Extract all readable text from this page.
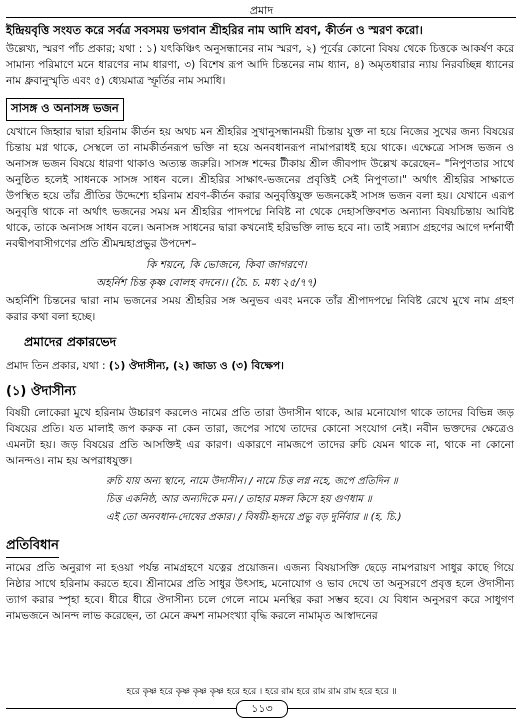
প্রমাদ

ইন্দ্রিয়বৃত্তি সংযত করে সর্বত্র সবসময় ভগবান শ্রীহরির নাম আদি শ্রবণ, কীর্তন ও স্মরণ করো।

উল্লেখ্য, স্মরণ পাঁচ প্রকার; যথা : ১) যৎকিঞ্চিৎ অনুসন্ধানের নাম স্মরণ, ২) পূর্বের কোনো বিষয় থেকে চিত্তকে আকর্ষণ করে সামান্য পরিমাণে মনে ধারণের নাম ধারণা, ৩) বিশেষ রূপ আদি চিন্তনের নাম ধ্যান, ৪) অমৃতধারার ন্যায় নিরবচ্ছিন্ন ধ্যানের নাম ধ্রুবানুস্মৃতি এবং ৫) ধ্যেয়মাত্র স্ফূর্তির নাম সমাধি।

সাসঙ্গ ও অনাসঙ্গ ভজন

যেখানে জিহ্বার দ্বারা হরিনাম কীর্তন হয় অথচ মন শ্রীহরির সুখানুসন্ধানময়ী চিন্তায় যুক্ত না হয়ে নিজের সুখের জন্য বিষয়ের চিন্তায় মগ্ন থাকে, সেস্থলে তা নামকীর্তনরূপ ভক্তি না হয়ে অনবধানরূপ নামাপরাধই হয়ে থাকে। এক্ষেত্রে সাসঙ্গ ভজন ও অনাসঙ্গ ভজন বিষয়ে ধারণা থাকাও অত্যন্ত জরুরি। সাসঙ্গ শব্দের টীকায় শ্রীল জীবপাদ উল্লেখ করেছেন– "নিপুণতার সাথে অনুষ্ঠিত হলেই সাধনকে সাসঙ্গ সাধন বলে। শ্রীহরির সাক্ষাৎ-ভজনের প্রবৃত্তিই সেই নিপুণতা।" অর্থাৎ শ্রীহরির সাক্ষাতে উপস্থিত হয়ে তাঁর প্রীতির উদ্দেশ্যে হরিনাম শ্রবণ-কীর্তন করার অনুবৃত্তিযুক্ত ভজনকেই সাসঙ্গ ভজন বলা হয়। যেখানে এরূপ অনুবৃত্তি থাকে না অর্থাৎ ভজনের সময় মন শ্রীহরির পাদপদ্মে নিবিষ্ট না থেকে দেহাসক্তিবশত অন্যান্য বিষয়চিন্তায় আবিষ্ট থাকে, তাকে অনাসঙ্গ সাধন বলে। অনাসঙ্গ সাধনের দ্বারা কখনোই হরিভক্তি লাভ হবে না। তাই সন্ন্যাস গ্রহণের আগে দর্শনার্থী নবদ্বীপবাসীগণের প্রতি শ্রীমন্মহাপ্রভুর উপদেশ–

কি শয়নে, কি ভোজনে, কিবা জাগরণে।
অহর্নিশ চিন্ত কৃষ্ণ বোলহ বদনে।। (চৈ. চ. মধ্য ২৫/৭৭)

অহর্নিশি চিন্তনের দ্বারা নাম ভজনের সময় শ্রীহরির সঙ্গ অনুভব এবং মনকে তাঁর শ্রীপাদপদ্মে নিবিষ্ট রেখে মুখে নাম গ্রহণ করার কথা বলা হচ্ছে।

প্রমাদের প্রকারভেদ

প্রমাদ তিন প্রকার, যথা : (১) ঔদাসীন্য, (২) জাড্য ও (৩) বিক্ষেপ।

(১) ঔদাসীন্য

বিষয়ী লোকেরা মুখে হরিনাম উচ্চারণ করলেও নামের প্রতি তারা উদাসীন থাকে, আর মনোযোগ থাকে তাদের বিভিন্ন জড় বিষয়ের প্রতি। যত মালাই জপ করুক না কেন তারা, জপের সাথে তাদের কোনো সংযোগ নেই। নবীন ভক্তদের ক্ষেত্রেও এমনটা হয়। জড় বিষয়ের প্রতি আসক্তিই এর কারণ। একারণে নামজপে তাদের রুচি যেমন থাকে না, থাকে না কোনো আনন্দও। নাম হয় অপরাধযুক্ত।

রুচি যায় অন্য স্থানে, নামে উদাসীন। / নামে চিত্ত লগ্ন নহে, জপে প্রতিদিন ॥
চিত্ত একনিষ্ঠ, আর অন্যদিকে মন। / তাহার মঙ্গল কিসে হয় গুণধাম ॥
এই তো অনবধান-দোষের প্রকার। / বিষয়ী-হৃদয়ে প্রভু বড় দুর্নিবার ॥ (হ. চি.)
প্রতিবিধান

নামের প্রতি অনুরাগ না হওয়া পর্যন্ত নামগ্রহণে যত্নের প্রয়োজন। এজন্য বিষয়াসক্তি ছেড়ে নামপরায়ণ সাধুর কাছে গিয়ে নিষ্ঠার সাথে হরিনাম করতে হবে। শ্রীনামের প্রতি সাধুর উৎসাহ, মনোযোগ ও ভাব দেখে তা অনুসরণে প্রবৃত্ত হলে ঔদাসীন্য ত্যাগ করার স্পৃহা হবে। ধীরে ধীরে ঔদাসীন্য চলে গেলে নামে মনস্থির করা সম্ভব হবে। যে বিধান অনুসরণ করে সাধুগণ নামভজনে আনন্দ লাভ করেছেন, তা মেনে ক্রমশ নামসংখ্যা বৃদ্ধি করলে নামামৃত আস্বাদনের

হরে কৃষ্ণ হরে কৃষ্ণ কৃষ্ণ কৃষ্ণ হরে হরে । হরে রাম হরে রাম রাম রাম হরে হরে ॥
১১৩
